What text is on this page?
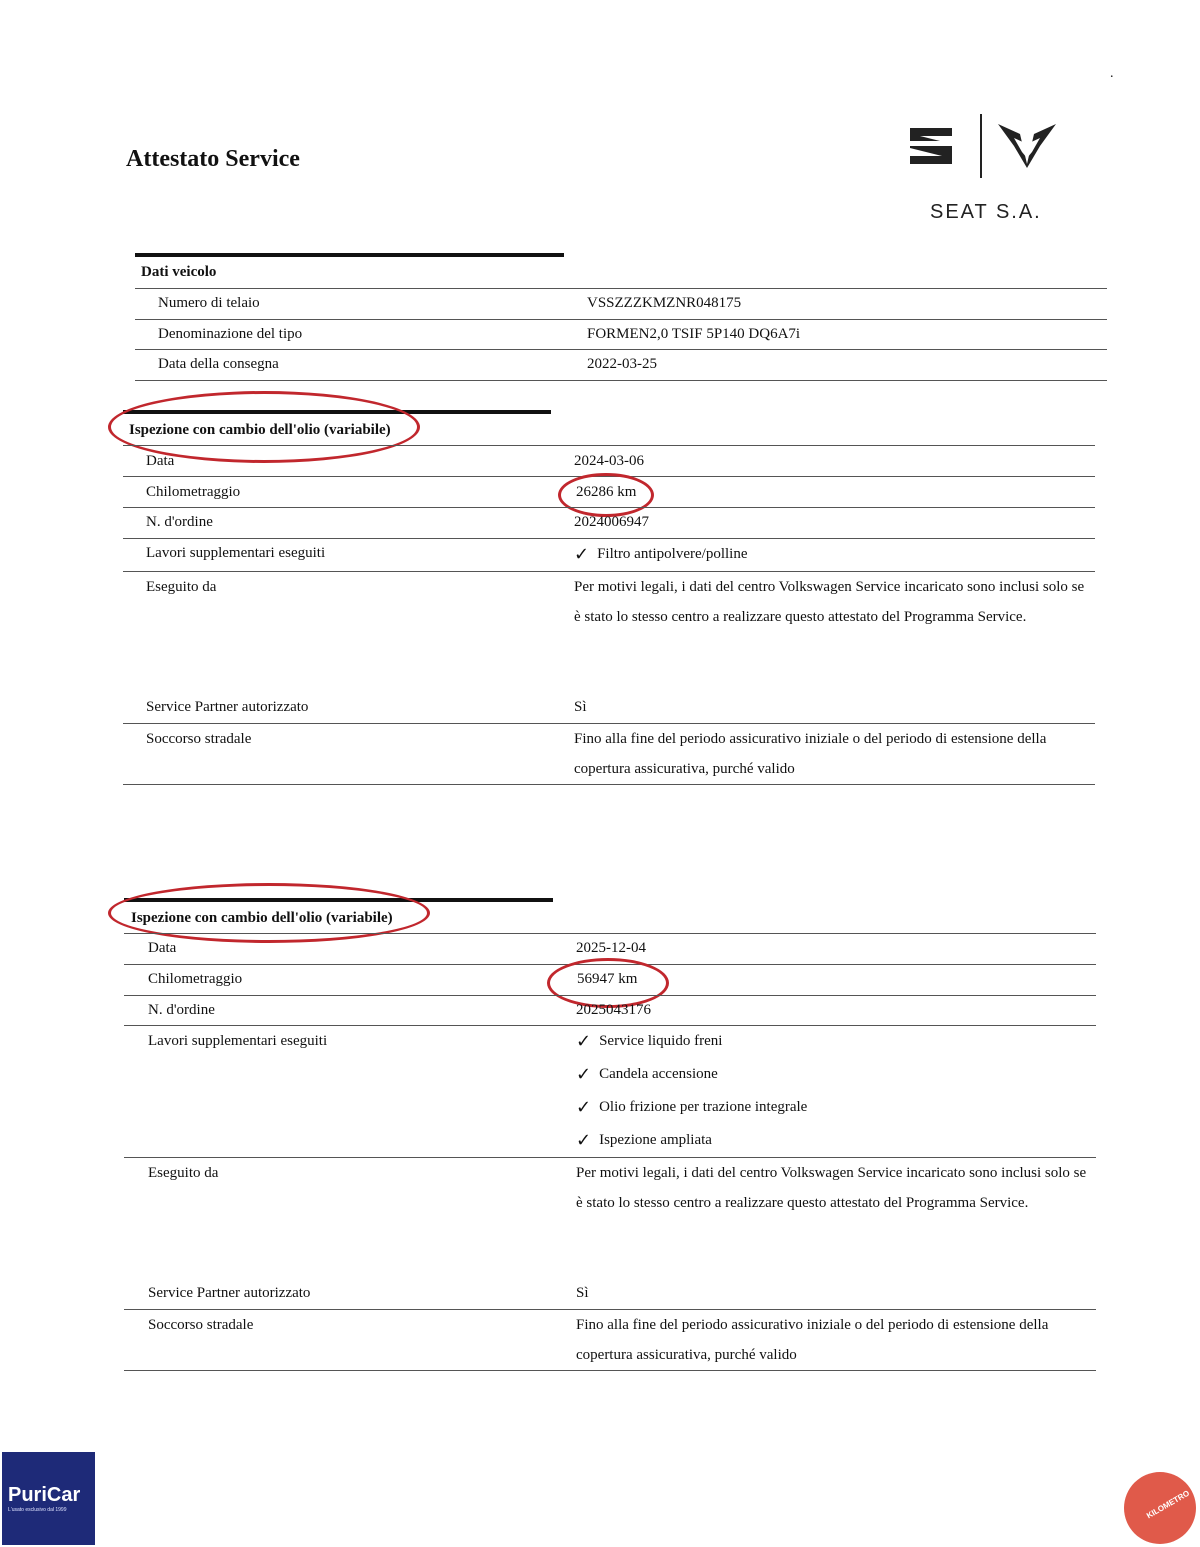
Attestato Service
.
SEAT S.A.
Dati veicolo
Numero di telaio	VSSZZZKMZNR048175
Denominazione del tipo	FORMEN2,0 TSIF 5P140 DQ6A7i
Data della consegna	2022-03-25
Ispezione con cambio dell'olio (variabile)
Data	2024-03-06
Chilometraggio	26286 km
N. d'ordine	2024006947
Lavori supplementari eseguiti	✓ Filtro antipolvere/polline
Eseguito da	Per motivi legali, i dati del centro Volkswagen Service incaricato sono inclusi solo se è stato lo stesso centro a realizzare questo attestato del Programma Service.
Service Partner autorizzato	Sì
Soccorso stradale	Fino alla fine del periodo assicurativo iniziale o del periodo di estensione della copertura assicurativa, purché valido
Ispezione con cambio dell'olio (variabile)
Data	2025-12-04
Chilometraggio	56947 km
N. d'ordine	2025043176
Lavori supplementari eseguiti	✓ Service liquido freni
✓ Candela accensione
✓ Olio frizione per trazione integrale
✓ Ispezione ampliata
Eseguito da	Per motivi legali, i dati del centro Volkswagen Service incaricato sono inclusi solo se è stato lo stesso centro a realizzare questo attestato del Programma Service.
Service Partner autorizzato	Sì
Soccorso stradale	Fino alla fine del periodo assicurativo iniziale o del periodo di estensione della copertura assicurativa, purché valido
PuriCar
L'usato esclusivo dal 1999	KILOMETRO
